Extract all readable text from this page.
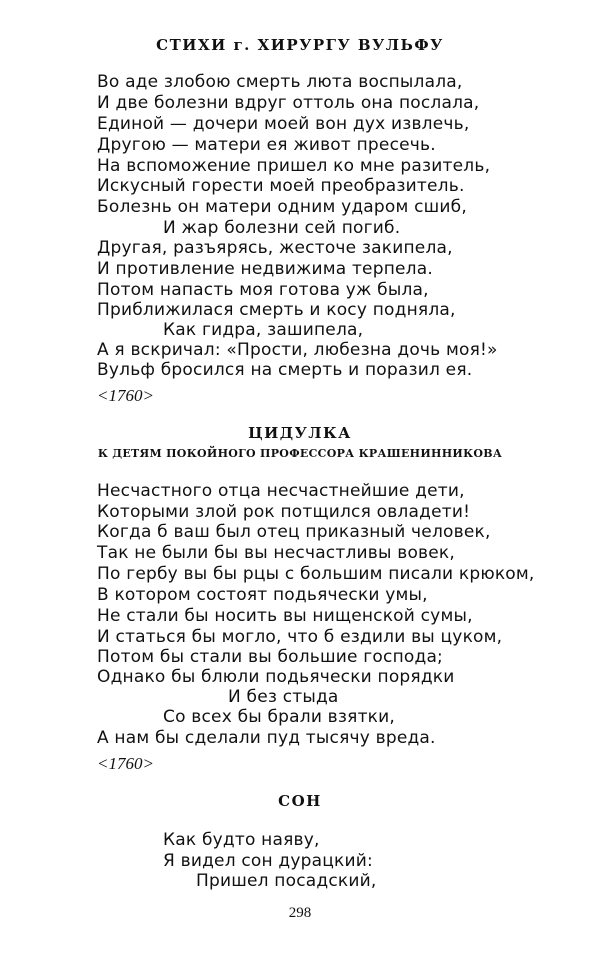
СТИХИ г. ХИРУРГУ ВУЛЬФУ
Во аде злобою смерть люта воспылала,
И две болезни вдруг оттоль она послала,
Единой — дочери моей вон дух извлечь,
Другою — матери ея живот пресечь.
На вспоможение пришел ко мне разитель,
Искусный горести моей преобразитель.
Болезнь он матери одним ударом сшиб,
И жар болезни сей погиб.
Другая, разъярясь, жесточе закипела,
И противление недвижима терпела.
Потом напасть моя готова уж была,
Приближилася смерть и косу подняла,
Как гидра, зашипела,
А я вскричал: «Прости, любезна дочь моя!»
Вульф бросился на смерть и поразил ея.
<1760>
ЦИДУЛКА
К ДЕТЯМ ПОКОЙНОГО ПРОФЕССОРА КРАШЕНИННИКОВА
Несчастного отца несчастнейшие дети,
Которыми злой рок потщился овладети!
Когда б ваш был отец приказный человек,
Так не были бы вы несчастливы вовек,
По гербу вы бы рцы с большим писали крюком,
В котором состоят подьячески умы,
Не стали бы носить вы нищенской сумы,
И статься бы могло, что б ездили вы цуком,
Потом бы стали вы большие господа;
Однако бы блюли подьячески порядки
И без стыда
Со всех бы брали взятки,
А нам бы сделали пуд тысячу вреда.
<1760>
СОН
Как будто наяву,
Я видел сон дурацкий:
Пришел посадский,
298
